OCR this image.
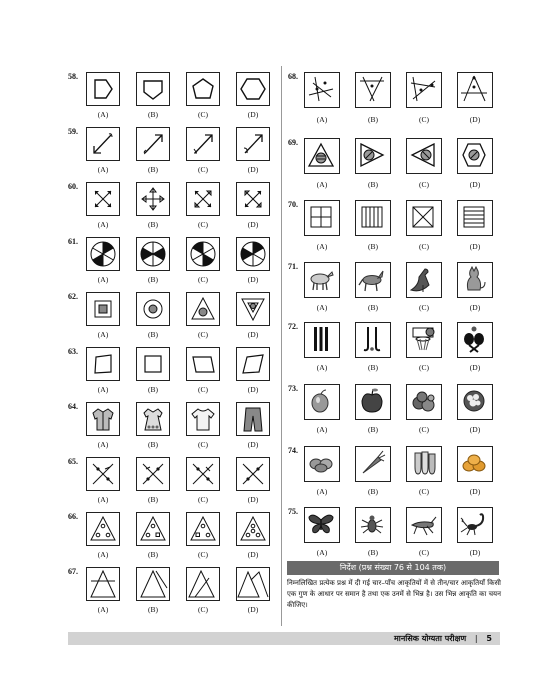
58.
(A)	(B)	(C)	(D)
59.
(A)	(B)	(C)	(D)
60.
(A)	(B)	(C)	(D)
61.
(A)	(B)	(C)	(D)
62.
(A)	(B)	(C)	(D)
63.
(A)	(B)	(C)	(D)
64.
(A)	(B)	(C)	(D)
65.
(A)	(B)	(C)	(D)
66.
(A)	(B)	(C)	(D)
67.
(A)	(B)	(C)	(D)
68.
(A)	(B)	(C)	(D)
69.
(A)	(B)	(C)	(D)
70.
(A)	(B)	(C)	(D)
71.
(A)	(B)	(C)	(D)
72.
(A)	(B)	(C)	(D)
73.
(A)	(B)	(C)	(D)
74.
(A)	(B)	(C)	(D)
75.
(A)	(B)	(C)	(D)
निर्देश (प्रश्न संख्या 76 से 104 तक)
निम्नलिखित प्रत्येक प्रश्न में दी गई चार–पाँच आकृतियों में से तीन/चार आकृतियाँ किसी एक गुण के आधार पर समान है तथा एक उनमें से भिन्न है। उस भिन्न आकृति का चयन कीजिए।
मानसिक योग्यता परीक्षण | 5
